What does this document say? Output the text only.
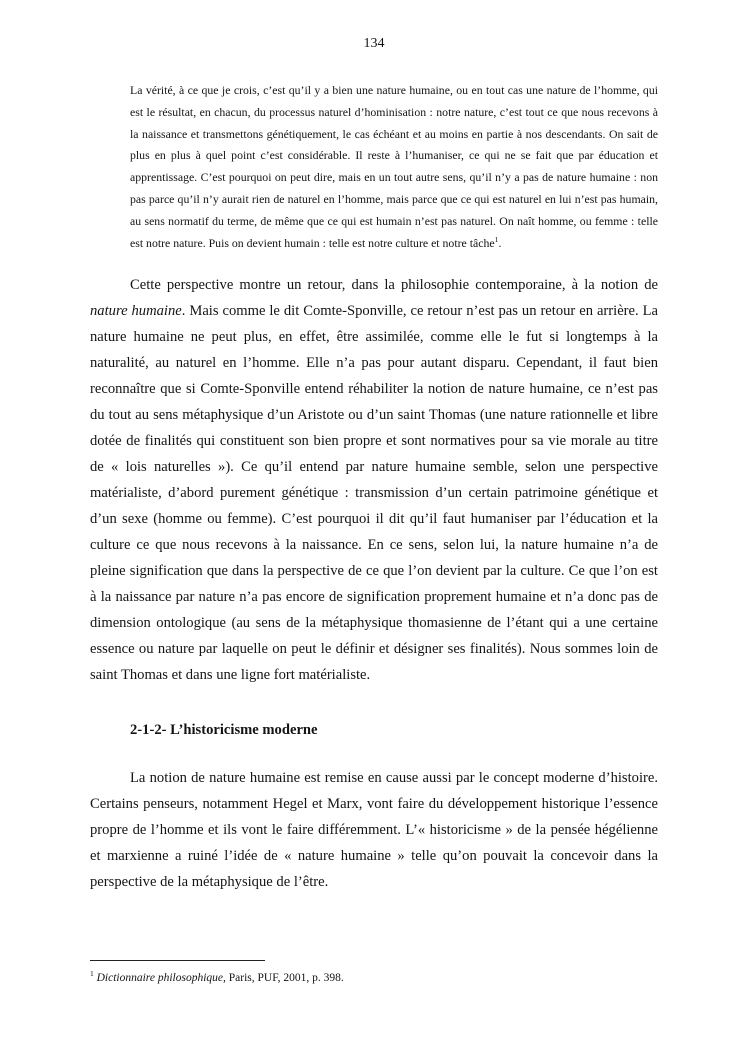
134
La vérité, à ce que je crois, c’est qu’il y a bien une nature humaine, ou en tout cas une nature de l’homme, qui est le résultat, en chacun, du processus naturel d’hominisation : notre nature, c’est tout ce que nous recevons à la naissance et transmettons génétiquement, le cas échéant et au moins en partie à nos descendants. On sait de plus en plus à quel point c’est considérable. Il reste à l’humaniser, ce qui ne se fait que par éducation et apprentissage. C’est pourquoi on peut dire, mais en un tout autre sens, qu’il n’y a pas de nature humaine : non pas parce qu’il n’y aurait rien de naturel en l’homme, mais parce que ce qui est naturel en lui n’est pas humain, au sens normatif du terme, de même que ce qui est humain n’est pas naturel. On naît homme, ou femme : telle est notre nature. Puis on devient humain : telle est notre culture et notre tâche$^1$.

Cette perspective montre un retour, dans la philosophie contemporaine, à la notion de nature humaine. Mais comme le dit Comte-Sponville, ce retour n’est pas un retour en arrière. La nature humaine ne peut plus, en effet, être assimilée, comme elle le fut si longtemps à la naturalité, au naturel en l’homme. Elle n’a pas pour autant disparu. Cependant, il faut bien reconnaître que si Comte-Sponville entend réhabiliter la notion de nature humaine, ce n’est pas du tout au sens métaphysique d’un Aristote ou d’un saint Thomas (une nature rationnelle et libre dotée de finalités qui constituent son bien propre et sont normatives pour sa vie morale au titre de « lois naturelles »). Ce qu’il entend par nature humaine semble, selon une perspective matérialiste, d’abord purement génétique : transmission d’un certain patrimoine génétique et d’un sexe (homme ou femme). C’est pourquoi il dit qu’il faut humaniser par l’éducation et la culture ce que nous recevons à la naissance. En ce sens, selon lui, la nature humaine n’a de pleine signification que dans la perspective de ce que l’on devient par la culture. Ce que l’on est à la naissance par nature n’a pas encore de signification proprement humaine et n’a donc pas de dimension ontologique (au sens de la métaphysique thomasienne de l’étant qui a une certaine essence ou nature par laquelle on peut le définir et désigner ses finalités). Nous sommes loin de saint Thomas et dans une ligne fort matérialiste.

2-1-2- L’historicisme moderne

La notion de nature humaine est remise en cause aussi par le concept moderne d’histoire. Certains penseurs, notamment Hegel et Marx, vont faire du développement historique l’essence propre de l’homme et ils vont le faire différemment. L’« historicisme » de la pensée hégélienne et marxienne a ruiné l’idée de « nature humaine » telle qu’on pouvait la concevoir dans la perspective de la métaphysique de l’être.

$^1$ Dictionnaire philosophique, Paris, PUF, 2001, p. 398.
